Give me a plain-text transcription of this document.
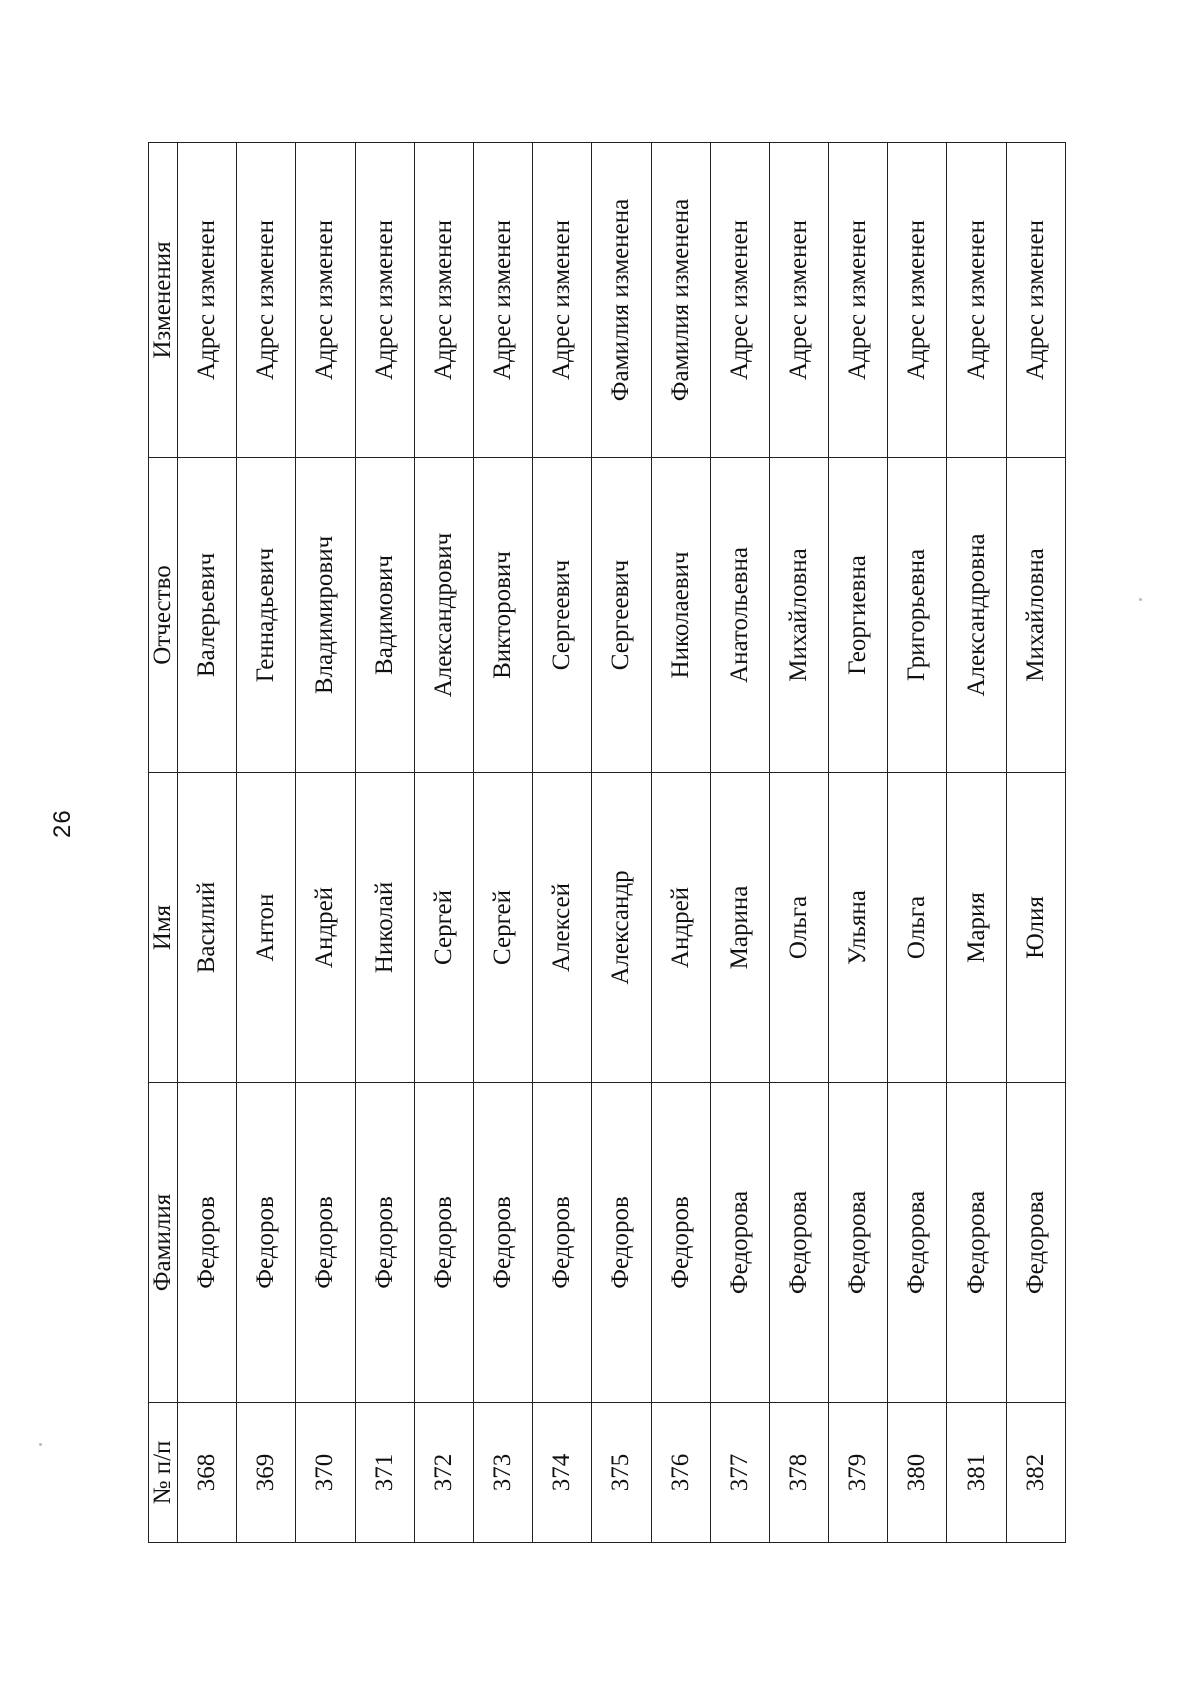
26
№ п/п	Фамилия	Имя	Отчество	Изменения
368	Федоров	Василий	Валерьевич	Адрес изменен
369	Федоров	Антон	Геннадьевич	Адрес изменен
370	Федоров	Андрей	Владимирович	Адрес изменен
371	Федоров	Николай	Вадимович	Адрес изменен
372	Федоров	Сергей	Александрович	Адрес изменен
373	Федоров	Сергей	Викторович	Адрес изменен
374	Федоров	Алексей	Сергеевич	Адрес изменен
375	Федоров	Александр	Сергеевич	Фамилия изменена
376	Федоров	Андрей	Николаевич	Фамилия изменена
377	Федорова	Марина	Анатольевна	Адрес изменен
378	Федорова	Ольга	Михайловна	Адрес изменен
379	Федорова	Ульяна	Георгиевна	Адрес изменен
380	Федорова	Ольга	Григорьевна	Адрес изменен
381	Федорова	Мария	Александровна	Адрес изменен
382	Федорова	Юлия	Михайловна	Адрес изменен
